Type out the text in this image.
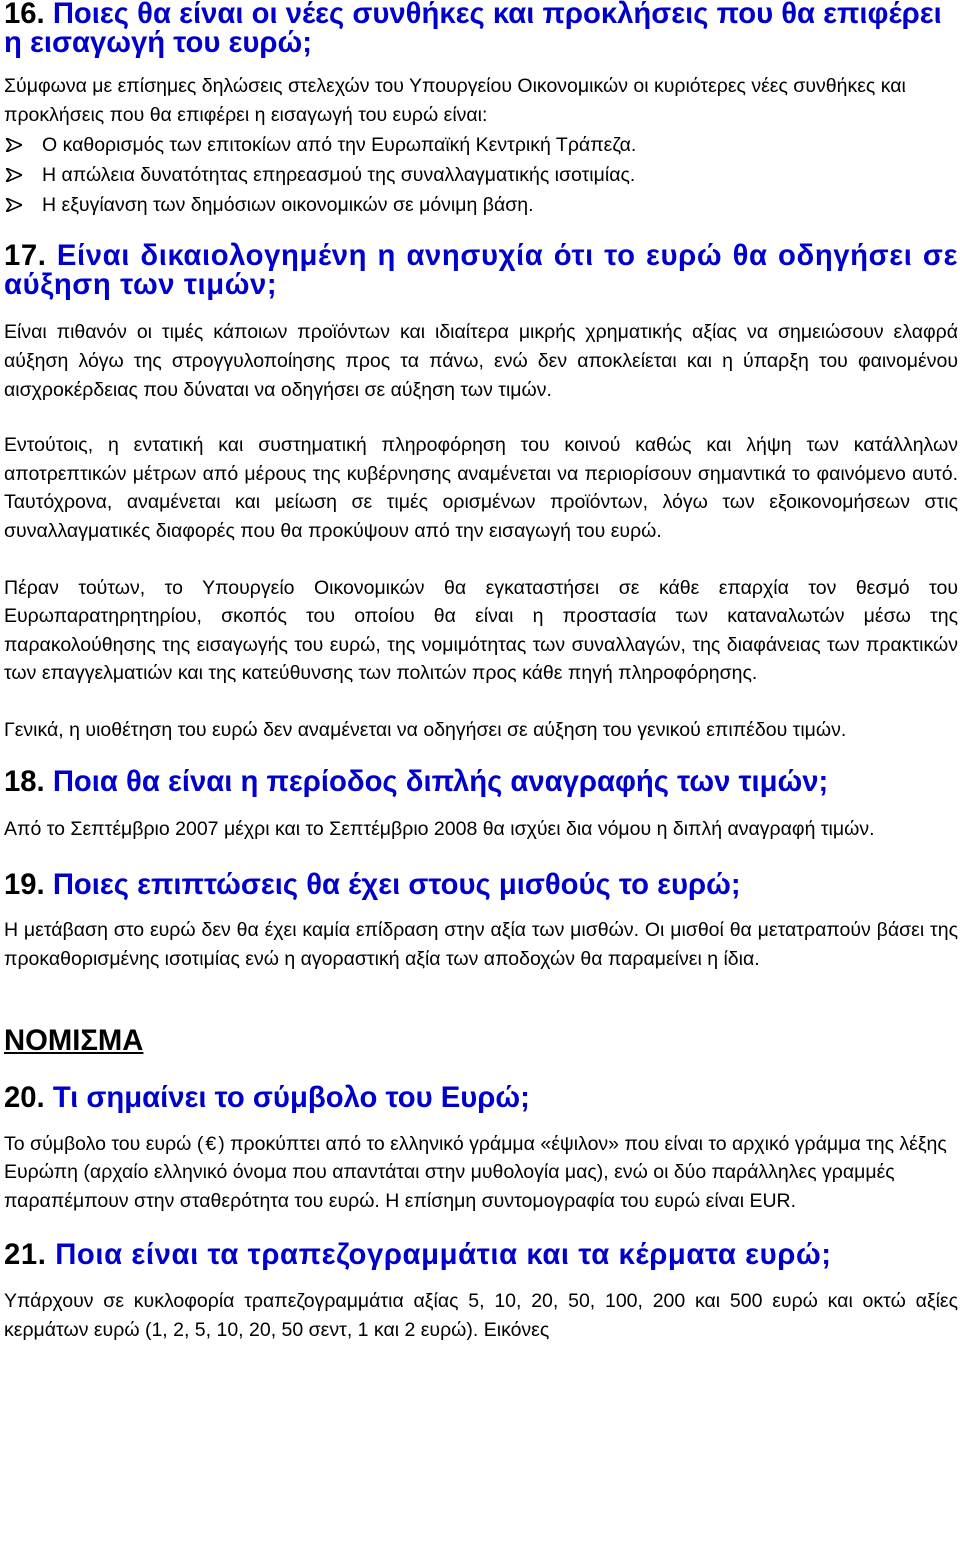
16. Ποιες θα είναι οι νέες συνθήκες και προκλήσεις που θα επιφέρει η εισαγωγή του ευρώ;

Σύμφωνα με επίσημες δηλώσεις στελεχών του Υπουργείου Οικονομικών οι κυριότερες νέες συνθήκες και προκλήσεις που θα επιφέρει η εισαγωγή του ευρώ είναι:

Ο καθορισμός των επιτοκίων από την Ευρωπαϊκή Κεντρική Τράπεζα.
Η απώλεια δυνατότητας επηρεασμού της συναλλαγματικής ισοτιμίας.
Η εξυγίανση των δημόσιων οικονομικών σε μόνιμη βάση.
17. Είναι δικαιολογημένη η ανησυχία ότι το ευρώ θα οδηγήσει σε αύξηση των τιμών;

Είναι πιθανόν οι τιμές κάποιων προϊόντων και ιδιαίτερα μικρής χρηματικής αξίας να σημειώσουν ελαφρά αύξηση λόγω της στρογγυλοποίησης προς τα πάνω, ενώ δεν αποκλείεται και η ύπαρξη του φαινομένου αισχροκέρδειας που δύναται να οδηγήσει σε αύξηση των τιμών.

Εντούτοις, η εντατική και συστηματική πληροφόρηση του κοινού καθώς και λήψη των κατάλληλων αποτρεπτικών μέτρων από μέρους της κυβέρνησης αναμένεται να περιορίσουν σημαντικά το φαινόμενο αυτό. Ταυτόχρονα, αναμένεται και μείωση σε τιμές ορισμένων προϊόντων, λόγω των εξοικονομήσεων στις συναλλαγματικές διαφορές που θα προκύψουν από την εισαγωγή του ευρώ.

Πέραν τούτων, το Υπουργείο Οικονομικών θα εγκαταστήσει σε κάθε επαρχία τον θεσμό του Ευρωπαρατηρητηρίου, σκοπός του οποίου θα είναι η προστασία των καταναλωτών μέσω της παρακολούθησης της εισαγωγής του ευρώ, της νομιμότητας των συναλλαγών, της διαφάνειας των πρακτικών των επαγγελματιών και της κατεύθυνσης των πολιτών προς κάθε πηγή πληροφόρησης.

Γενικά, η υιοθέτηση του ευρώ δεν αναμένεται να οδηγήσει σε αύξηση του γενικού επιπέδου τιμών.

18. Ποια θα είναι η περίοδος διπλής αναγραφής των τιμών;

Από το Σεπτέμβριο 2007 μέχρι και το Σεπτέμβριο 2008 θα ισχύει δια νόμου η διπλή αναγραφή τιμών.

19. Ποιες επιπτώσεις θα έχει στους μισθούς το ευρώ;

Η μετάβαση στο ευρώ δεν θα έχει καμία επίδραση στην αξία των μισθών. Οι μισθοί θα μετατραπούν βάσει της προκαθορισμένης ισοτιμίας ενώ η αγοραστική αξία των αποδοχών θα παραμείνει η ίδια.

ΝΟΜΙΣΜΑ
20. Τι σημαίνει το σύμβολο του Ευρώ;

Το σύμβολο του ευρώ ( € ) προκύπτει από το ελληνικό γράμμα «έψιλον» που είναι το αρχικό γράμμα της λέξης Ευρώπη (αρχαίο ελληνικό όνομα που απαντάται στην μυθολογία μας), ενώ οι δύο παράλληλες γραμμές παραπέμπουν στην σταθερότητα του ευρώ. Η επίσημη συντομογραφία του ευρώ είναι EUR.

21. Ποια είναι τα τραπεζογραμμάτια και τα κέρματα ευρώ;

Υπάρχουν σε κυκλοφορία τραπεζογραμμάτια αξίας 5, 10, 20, 50, 100, 200 και 500 ευρώ και οκτώ αξίες κερμάτων ευρώ (1, 2, 5, 10, 20, 50 σεντ, 1 και 2 ευρώ). Εικόνες
